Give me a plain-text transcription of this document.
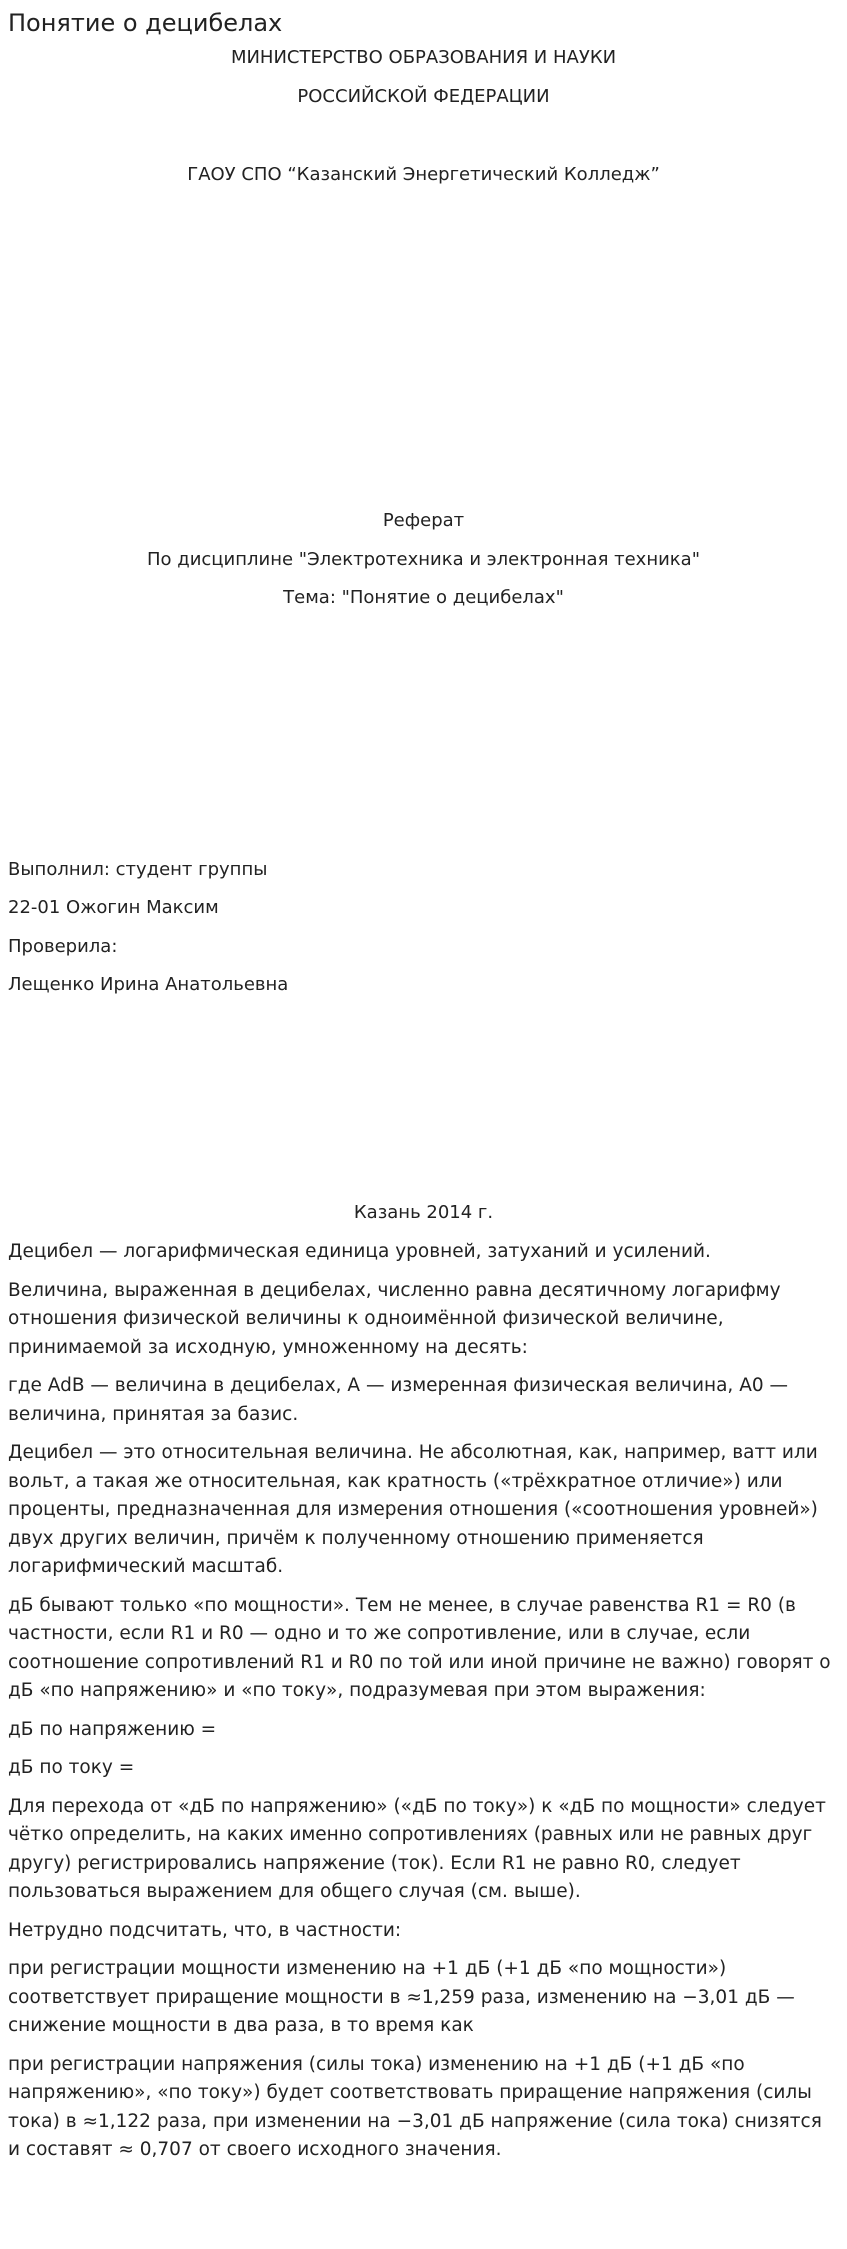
Понятие о децибелах

МИНИСТЕРСТВО ОБРАЗОВАНИЯ И НАУКИ

РОССИЙСКОЙ ФЕДЕРАЦИИ

ГАОУ СПО “Казанский Энергетический Колледж”

Реферат

По дисциплине "Электротехника и электронная техника"

Тема: "Понятие о децибелах"

Выполнил: студент группы

22-01 Ожогин Максим

Проверила:

Лещенко Ирина Анатольевна

Казань 2014 г.

Децибел — логарифмическая единица уровней, затуханий и усилений.

Величина, выраженная в децибелах, численно равна десятичному логарифму отношения физической величины к одноимённой физической величине, принимаемой за исходную, умноженному на десять:

где AdB — величина в децибелах, A — измеренная физическая величина, A0 — величина, принятая за базис.

Децибел — это относительная величина. Не абсолютная, как, например, ватт или вольт, а такая же относительная, как кратность («трёхкратное отличие») или проценты, предназначенная для измерения отношения («соотношения уровней») двух других величин, причём к полученному отношению применяется логарифмический масштаб.

дБ бывают только «по мощности». Тем не менее, в случае равенства R1 = R0 (в частности, если R1 и R0 — одно и то же сопротивление, или в случае, если соотношение сопротивлений R1 и R0 по той или иной причине не важно) говорят о дБ «по напряжению» и «по току», подразумевая при этом выражения:

дБ по напряжению =

дБ по току =

Для перехода от «дБ по напряжению» («дБ по току») к «дБ по мощности» следует чётко определить, на каких именно сопротивлениях (равных или не равных друг другу) регистрировались напряжение (ток). Если R1 не равно R0, следует пользоваться выражением для общего случая (см. выше).

Нетрудно подсчитать, что, в частности:

при регистрации мощности изменению на +1 дБ (+1 дБ «по мощности») соответствует приращение мощности в ≈1,259 раза, изменению на −3,01 дБ — снижение мощности в два раза, в то время как

при регистрации напряжения (силы тока) изменению на +1 дБ (+1 дБ «по напряжению», «по току») будет соответствовать приращение напряжения (силы тока) в ≈1,122 раза, при изменении на −3,01 дБ напряжение (сила тока) снизятся и составят ≈ 0,707 от своего исходного значения.
